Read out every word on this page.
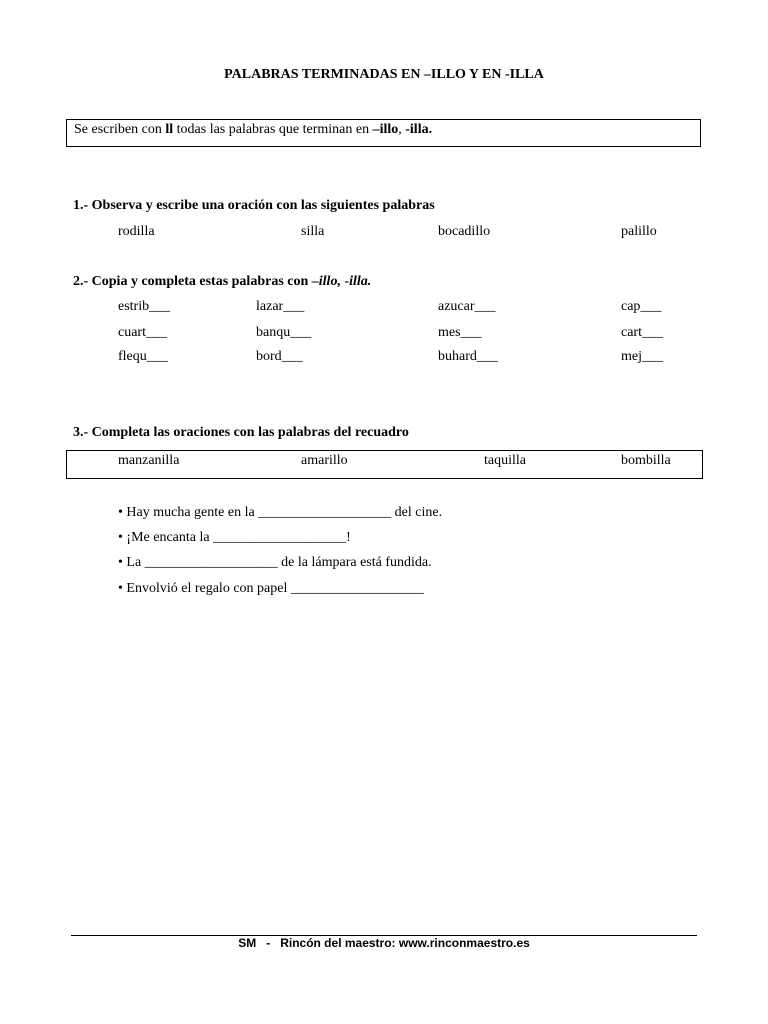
PALABRAS TERMINADAS EN –ILLO Y EN -ILLA
Se escriben con ll todas las palabras que terminan en –illo, -illa.
1.- Observa y escribe una oración con las siguientes palabras
rodilla	silla	bocadillo	palillo
2.- Copia y completa estas palabras con –illo, -illa.
estrib___	lazar___	azucar___	cap___
cuart___	banqu___	mes___	cart___
flequ___	bord___	buhard___	mej___
3.- Completa las oraciones con las palabras del recuadro
manzanilla	amarillo	taquilla	bombilla
• Hay mucha gente en la ___________________ del cine.
• ¡Me encanta la ___________________!
• La ___________________ de la lámpara está fundida.
• Envolvió el regalo con papel ___________________
SM   -   Rincón del maestro: www.rinconmaestro.es
